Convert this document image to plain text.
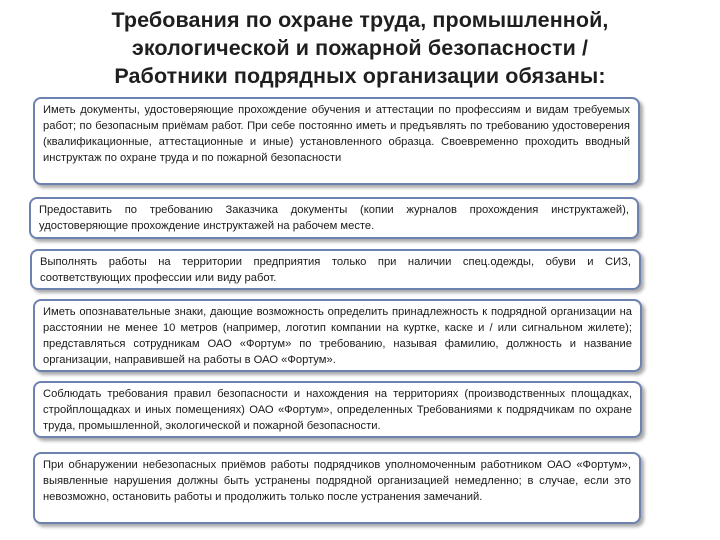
Требования по охране труда, промышленной,
экологической и пожарной безопасности /
Работники подрядных организации обязаны:
Иметь документы, удостоверяющие прохождение обучения и аттестации по профессиям и видам требуемых работ; по безопасным приёмам работ. При себе постоянно иметь и предъявлять по требованию удостоверения (квалификационные, аттестационные и иные) установленного образца. Своевременно проходить вводный инструктаж по охране труда и по пожарной безопасности
Предоставить по требованию Заказчика документы (копии журналов прохождения инструктажей), удостоверяющие прохождение инструктажей на рабочем месте.
Выполнять работы на территории предприятия только при наличии спец.одежды, обуви и СИЗ, соответствующих профессии или виду работ.
Иметь опознавательные знаки, дающие возможность определить принадлежность к подрядной организации на расстоянии не менее 10 метров (например, логотип компании на куртке, каске и / или сигнальном жилете); представляться сотрудникам ОАО «Фортум» по требованию, называя фамилию, должность и название организации, направившей на работы в ОАО «Фортум».
Соблюдать требования правил безопасности и нахождения на территориях (производственных площадках, стройплощадках и иных помещениях) ОАО «Фортум», определенных Требованиями к подрядчикам по охране труда, промышленной, экологической и пожарной безопасности.
При обнаружении небезопасных приёмов работы подрядчиков уполномоченным работником ОАО «Фортум», выявленные нарушения должны быть устранены подрядной организацией немедленно; в случае, если это невозможно, остановить работы и продолжить только после устранения замечаний.
